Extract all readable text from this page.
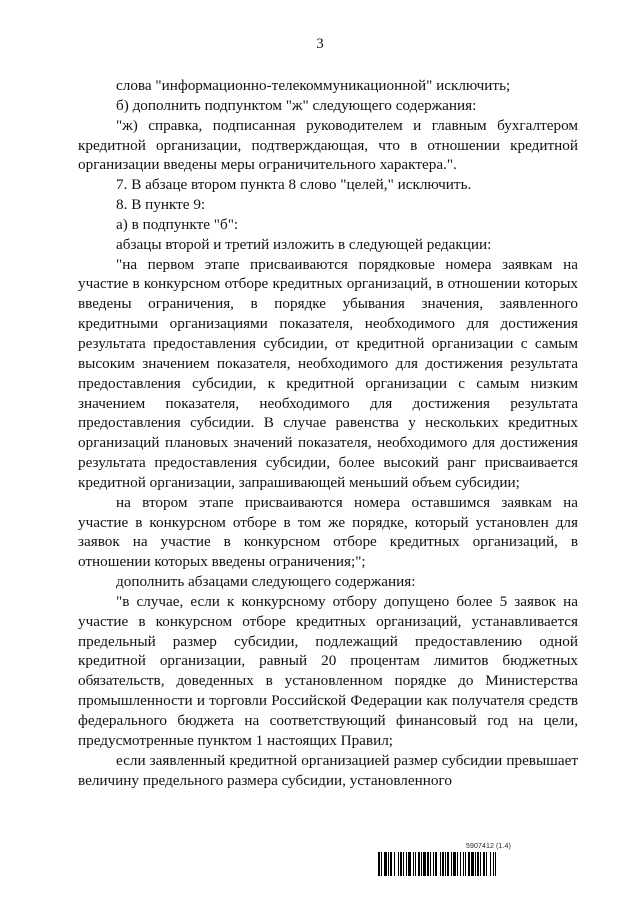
3

слова "информационно-телекоммуникационной" исключить;

б) дополнить подпунктом "ж" следующего содержания:

"ж) справка, подписанная руководителем и главным бухгалтером кредитной организации, подтверждающая, что в отношении кредитной организации введены меры ограничительного характера.".

7. В абзаце втором пункта 8 слово "целей," исключить.

8. В пункте 9:

а) в подпункте "б":

абзацы второй и третий изложить в следующей редакции:

"на первом этапе присваиваются порядковые номера заявкам на участие в конкурсном отборе кредитных организаций, в отношении которых введены ограничения, в порядке убывания значения, заявленного кредитными организациями показателя, необходимого для достижения результата предоставления субсидии, от кредитной организации с самым высоким значением показателя, необходимого для достижения результата предоставления субсидии, к кредитной организации с самым низким значением показателя, необходимого для достижения результата предоставления субсидии. В случае равенства у нескольких кредитных организаций плановых значений показателя, необходимого для достижения результата предоставления субсидии, более высокий ранг присваивается кредитной организации, запрашивающей меньший объем субсидии;

на втором этапе присваиваются номера оставшимся заявкам на участие в конкурсном отборе в том же порядке, который установлен для заявок на участие в конкурсном отборе кредитных организаций, в отношении которых введены ограничения;";

дополнить абзацами следующего содержания:

"в случае, если к конкурсному отбору допущено более 5 заявок на участие в конкурсном отборе кредитных организаций, устанавливается предельный размер субсидии, подлежащий предоставлению одной кредитной организации, равный 20 процентам лимитов бюджетных обязательств, доведенных в установленном порядке до Министерства промышленности и торговли Российской Федерации как получателя средств федерального бюджета на соответствующий финансовый год на цели, предусмотренные пунктом 1 настоящих Правил;

если заявленный кредитной организацией размер субсидии превышает величину предельного размера субсидии, установленного

5907412 (1.4)
